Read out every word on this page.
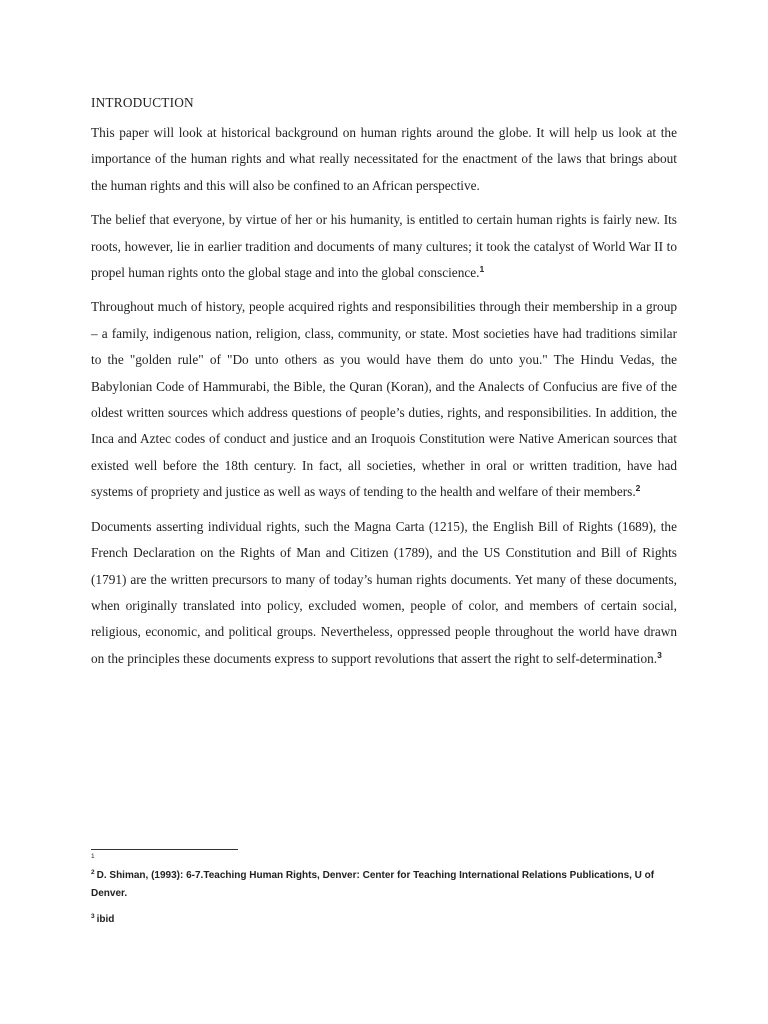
INTRODUCTION

This paper will look at historical background on human rights around the globe. It will help us look at the importance of the human rights and what really necessitated for the enactment of the laws that brings about the human rights and this will also be confined to an African perspective.

The belief that everyone, by virtue of her or his humanity, is entitled to certain human rights is fairly new. Its roots, however, lie in earlier tradition and documents of many cultures; it took the catalyst of World War II to propel human rights onto the global stage and into the global conscience.$^1$

Throughout much of history, people acquired rights and responsibilities through their membership in a group – a family, indigenous nation, religion, class, community, or state. Most societies have had traditions similar to the "golden rule" of "Do unto others as you would have them do unto you." The Hindu Vedas, the Babylonian Code of Hammurabi, the Bible, the Quran (Koran), and the Analects of Confucius are five of the oldest written sources which address questions of people’s duties, rights, and responsibilities. In addition, the Inca and Aztec codes of conduct and justice and an Iroquois Constitution were Native American sources that existed well before the 18th century. In fact, all societies, whether in oral or written tradition, have had systems of propriety and justice as well as ways of tending to the health and welfare of their members.$^2$

Documents asserting individual rights, such the Magna Carta (1215), the English Bill of Rights (1689), the French Declaration on the Rights of Man and Citizen (1789), and the US Constitution and Bill of Rights (1791) are the written precursors to many of today’s human rights documents. Yet many of these documents, when originally translated into policy, excluded women, people of color, and members of certain social, religious, economic, and political groups. Nevertheless, oppressed people throughout the world have drawn on the principles these documents express to support revolutions that assert the right to self-determination.$^3$

$^1$

$^2$ D. Shiman, (1993): 6-7.Teaching Human Rights, Denver: Center for Teaching International Relations Publications, U of Denver.

$^3$ ibid
